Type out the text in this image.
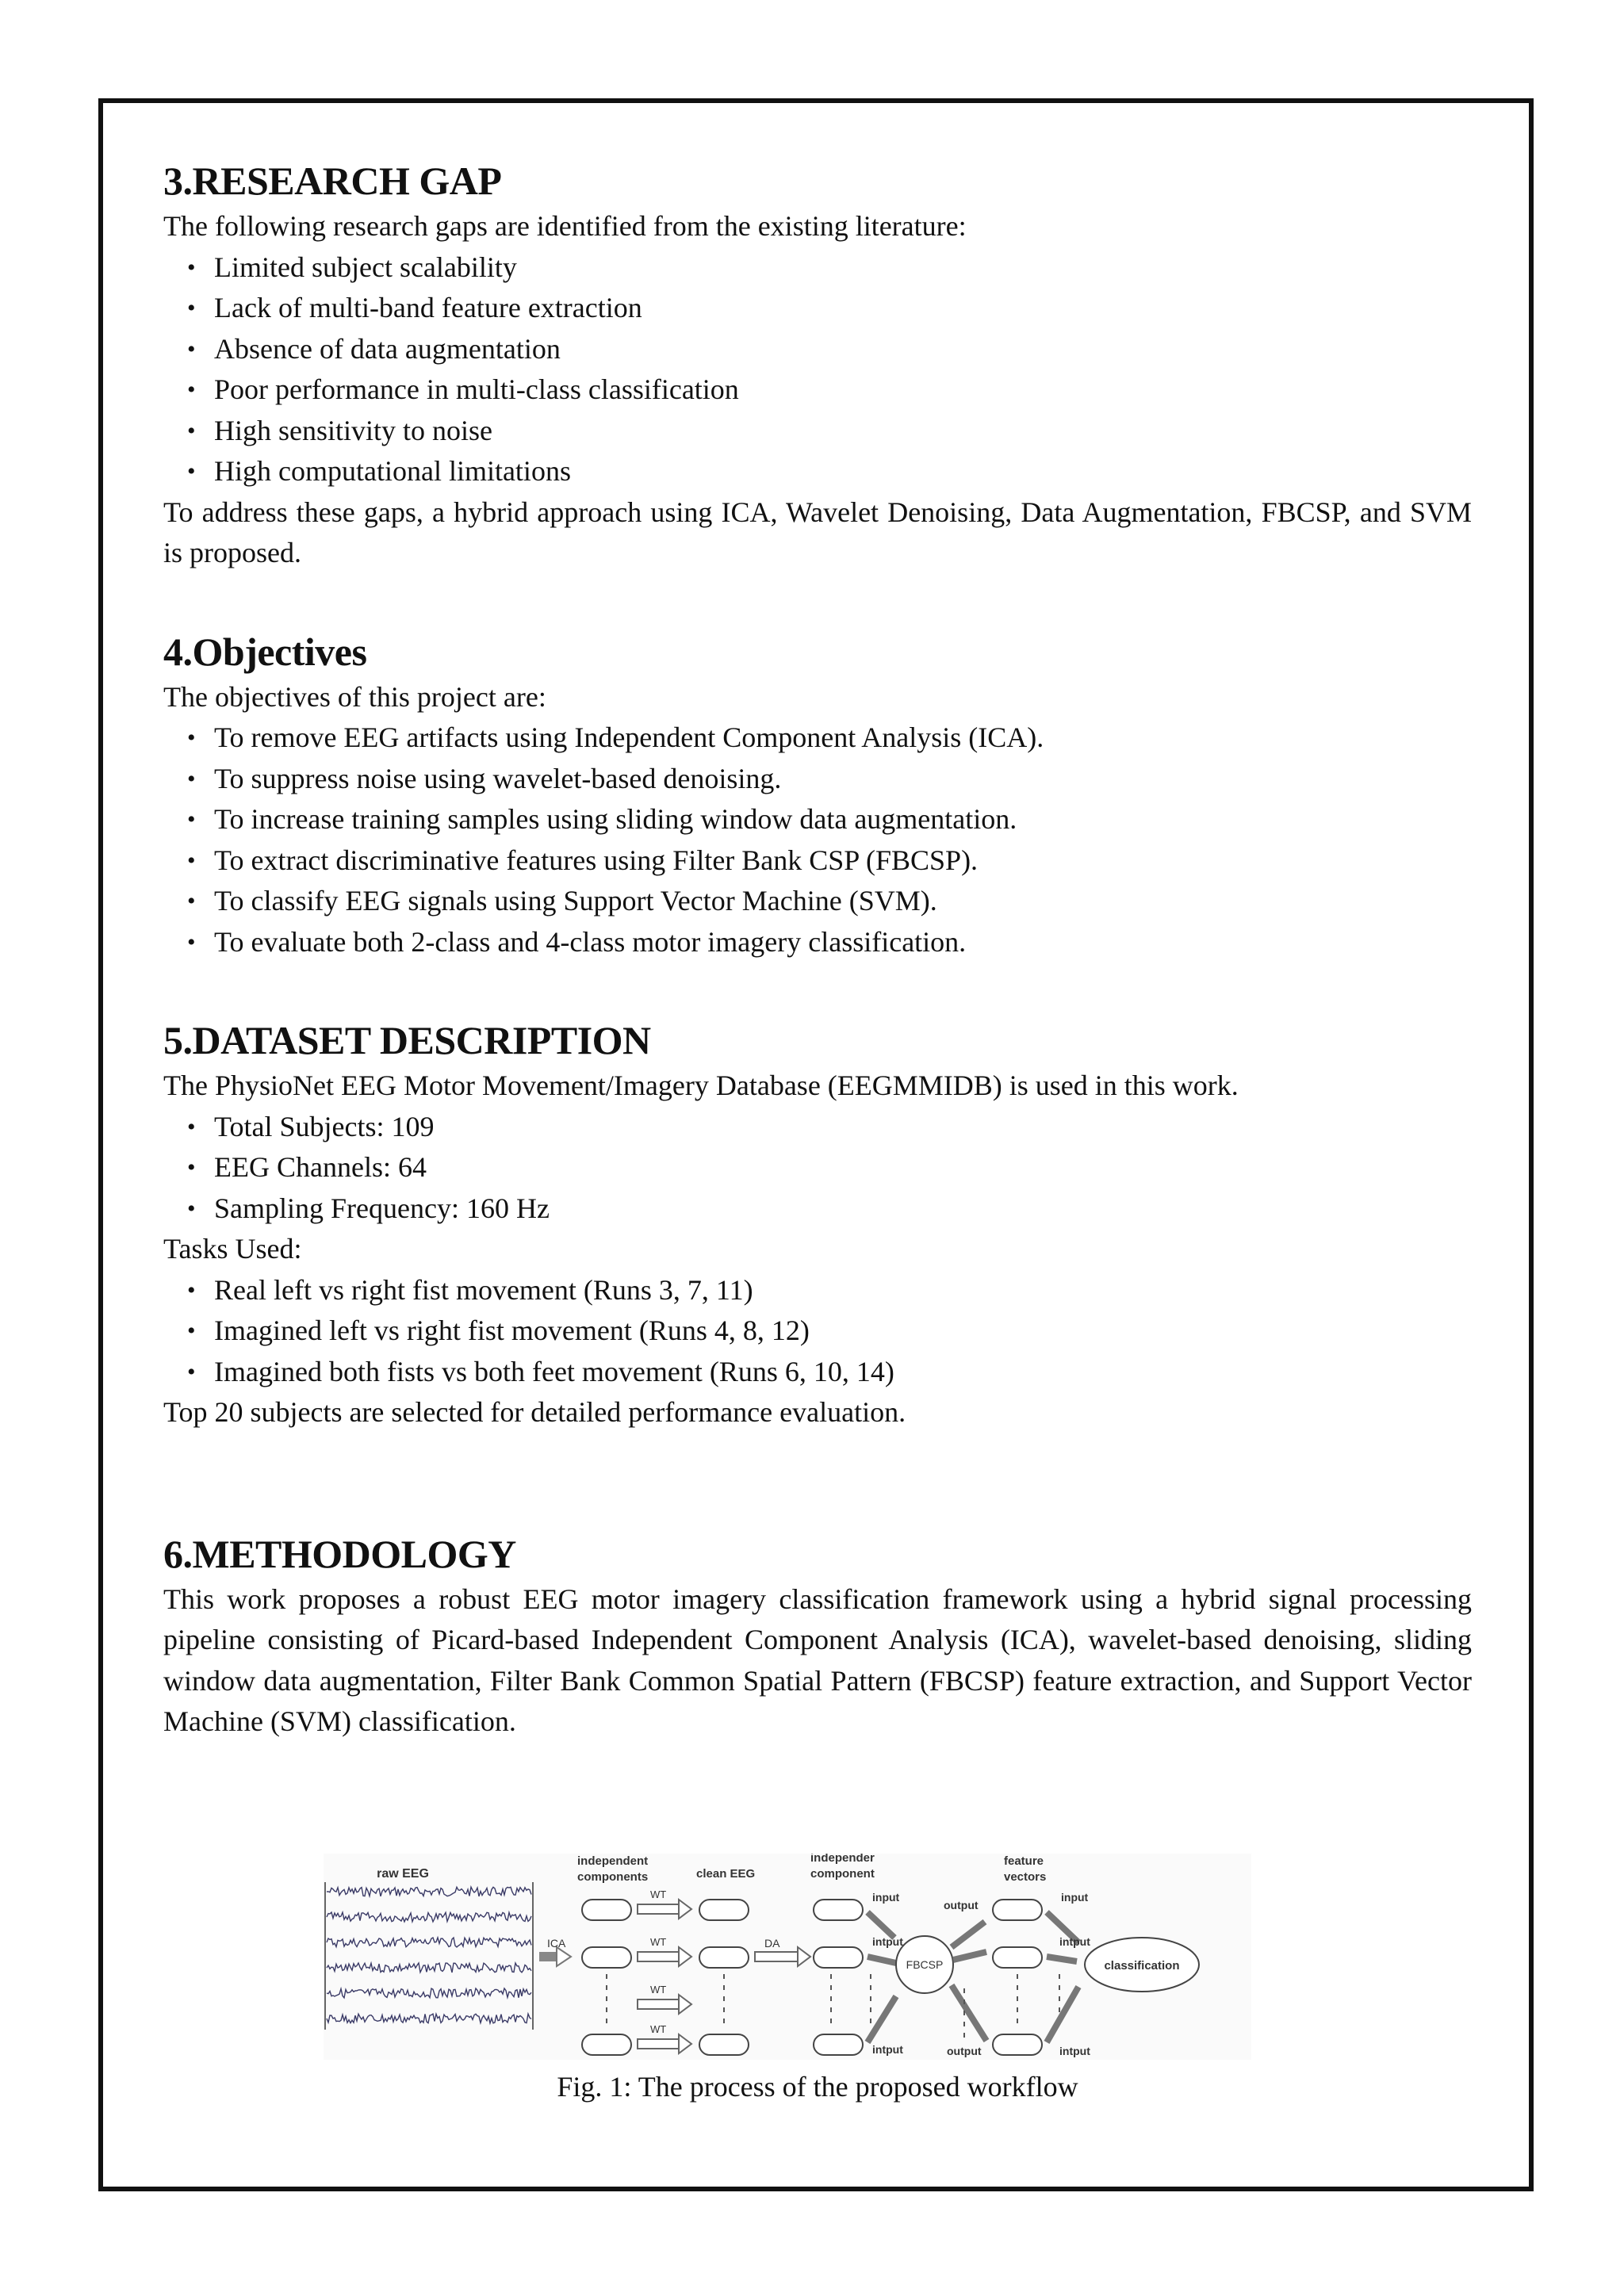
3.RESEARCH GAP

The following research gaps are identified from the existing literature:

• Limited subject scalability
• Lack of multi-band feature extraction
• Absence of data augmentation
• Poor performance in multi-class classification
• High sensitivity to noise
• High computational limitations

To address these gaps, a hybrid approach using ICA, Wavelet Denoising, Data Augmentation, FBCSP, and SVM is proposed.

4.Objectives

The objectives of this project are:

• To remove EEG artifacts using Independent Component Analysis (ICA).
• To suppress noise using wavelet-based denoising.
• To increase training samples using sliding window data augmentation.
• To extract discriminative features using Filter Bank CSP (FBCSP).
• To classify EEG signals using Support Vector Machine (SVM).
• To evaluate both 2-class and 4-class motor imagery classification.
5.DATASET DESCRIPTION

The PhysioNet EEG Motor Movement/Imagery Database (EEGMMIDB) is used in this work.

• Total Subjects: 109
• EEG Channels: 64
• Sampling Frequency: 160 Hz

Tasks Used:

• Real left vs right fist movement (Runs 3, 7, 11)
• Imagined left vs right fist movement (Runs 4, 8, 12)
• Imagined both fists vs both feet movement (Runs 6, 10, 14)

Top 20 subjects are selected for detailed performance evaluation.

6.METHODOLOGY

This work proposes a robust EEG motor imagery classification framework using a hybrid signal processing pipeline consisting of Picard-based Independent Component Analysis (ICA), wavelet-based denoising, sliding window data augmentation, Filter Bank Common Spatial Pattern (FBCSP) feature extraction, and Support Vector Machine (SVM) classification.

raw EEG
ICA
independent
components
WT
WT
WT
WT
clean EEG
DA
independer
component
input
intput
intput
FBCSP
output
output
feature
vectors
input
intput
intput
classification
Fig. 1: The process of the proposed workflow
